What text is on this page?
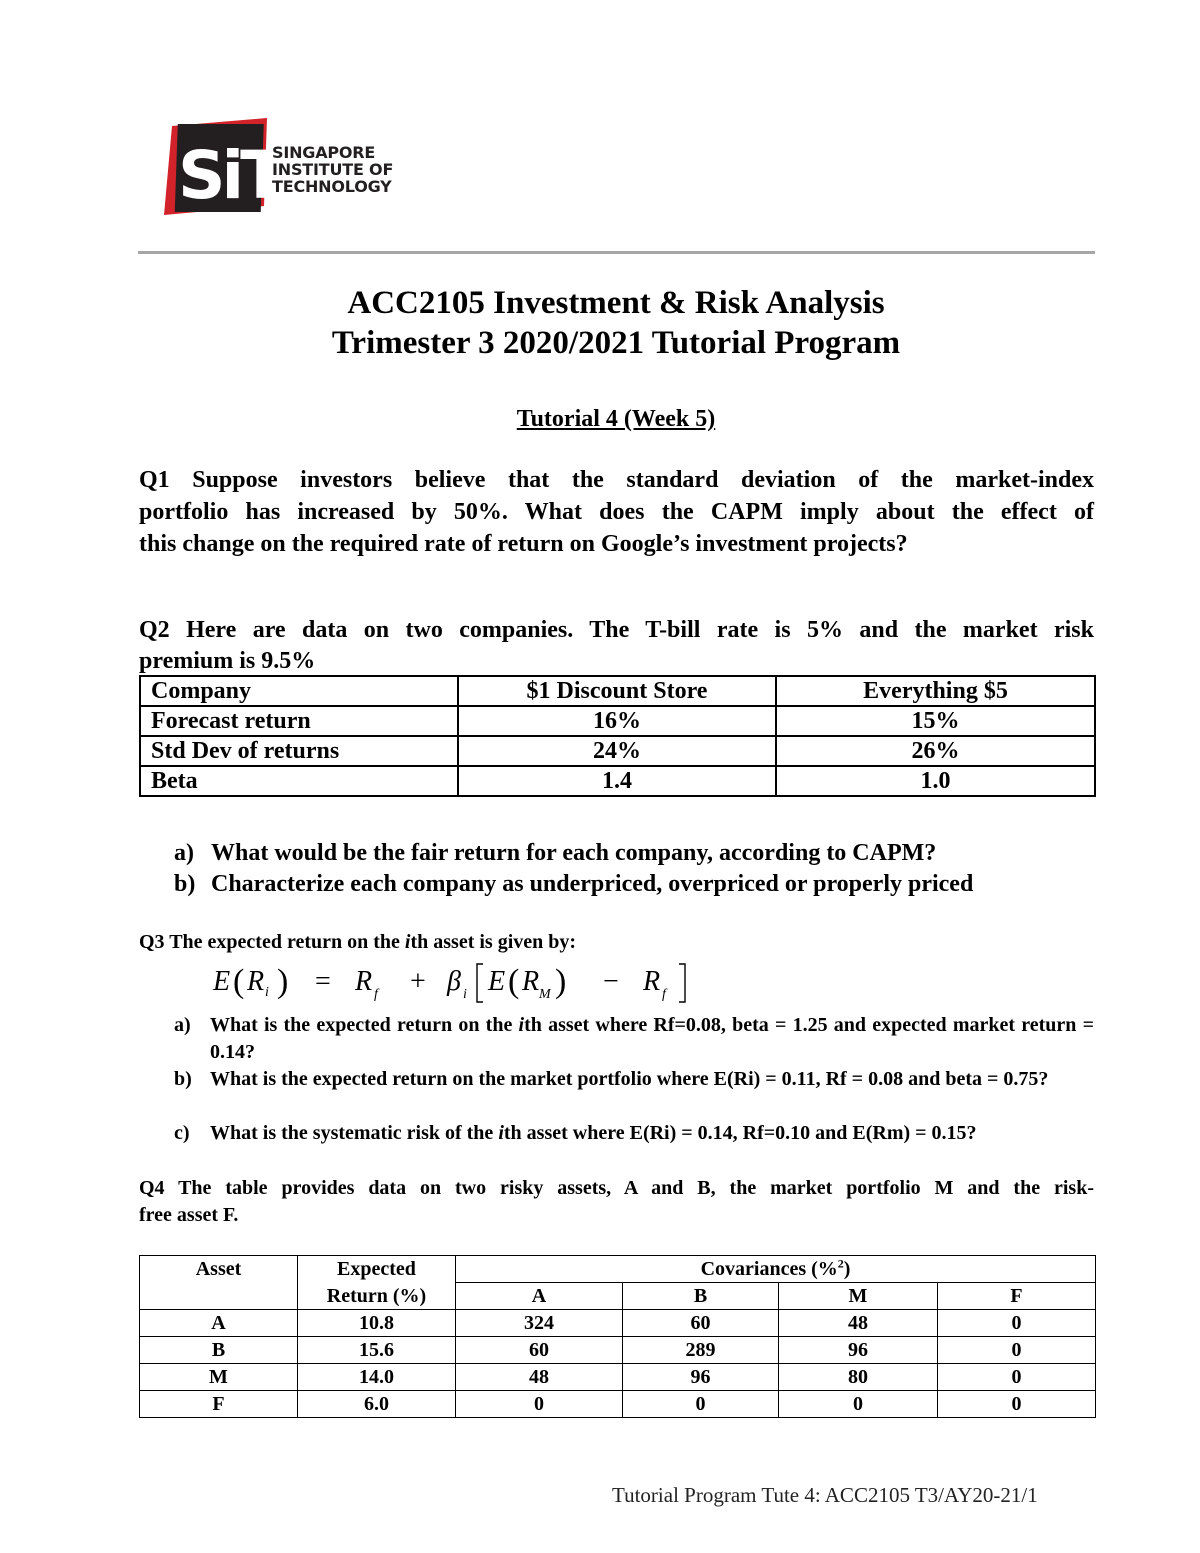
SiT
SINGAPORE
INSTITUTE OF
TECHNOLOGY
ACC2105 Investment & Risk Analysis
Trimester 3 2020/2021 Tutorial Program
Tutorial 4 (Week 5)
Q1 Suppose investors believe that the standard deviation of the market-index
portfolio has increased by 50%. What does the CAPM imply about the effect of
this change on the required rate of return on Google’s investment projects?
Q2 Here are data on two companies. The T-bill rate is 5% and the market risk
premium is 9.5%
Company	$1 Discount Store	Everything $5
Forecast return	16%	15%
Std Dev of returns	24%	26%
Beta	1.4	1.0
a) What would be the fair return for each company, according to CAPM?
b) Characterize each company as underpriced, overpriced or properly priced
Q3 The expected return on the ith asset is given by:
E ( R i ) = R f + β i E ( R M ) − R f
a) What is the expected return on the ith asset where Rf=0.08, beta = 1.25 and expected market return = 0.14?
b) What is the expected return on the market portfolio where E(Ri) = 0.11, Rf = 0.08 and beta = 0.75?
c) What is the systematic risk of the ith asset where E(Ri) = 0.14, Rf=0.10 and E(Rm) = 0.15?
Q4 The table provides data on two risky assets, A and B, the market portfolio M and the risk-
free asset F.
Asset	Expected	Covariances (%$^2$)			
	Return (%)	A	B	M	F
A	10.8	324	60	48	0
B	15.6	60	289	96	0
M	14.0	48	96	80	0
F	6.0	0	0	0	0
Tutorial Program Tute 4: ACC2105 T3/AY20-21/1
